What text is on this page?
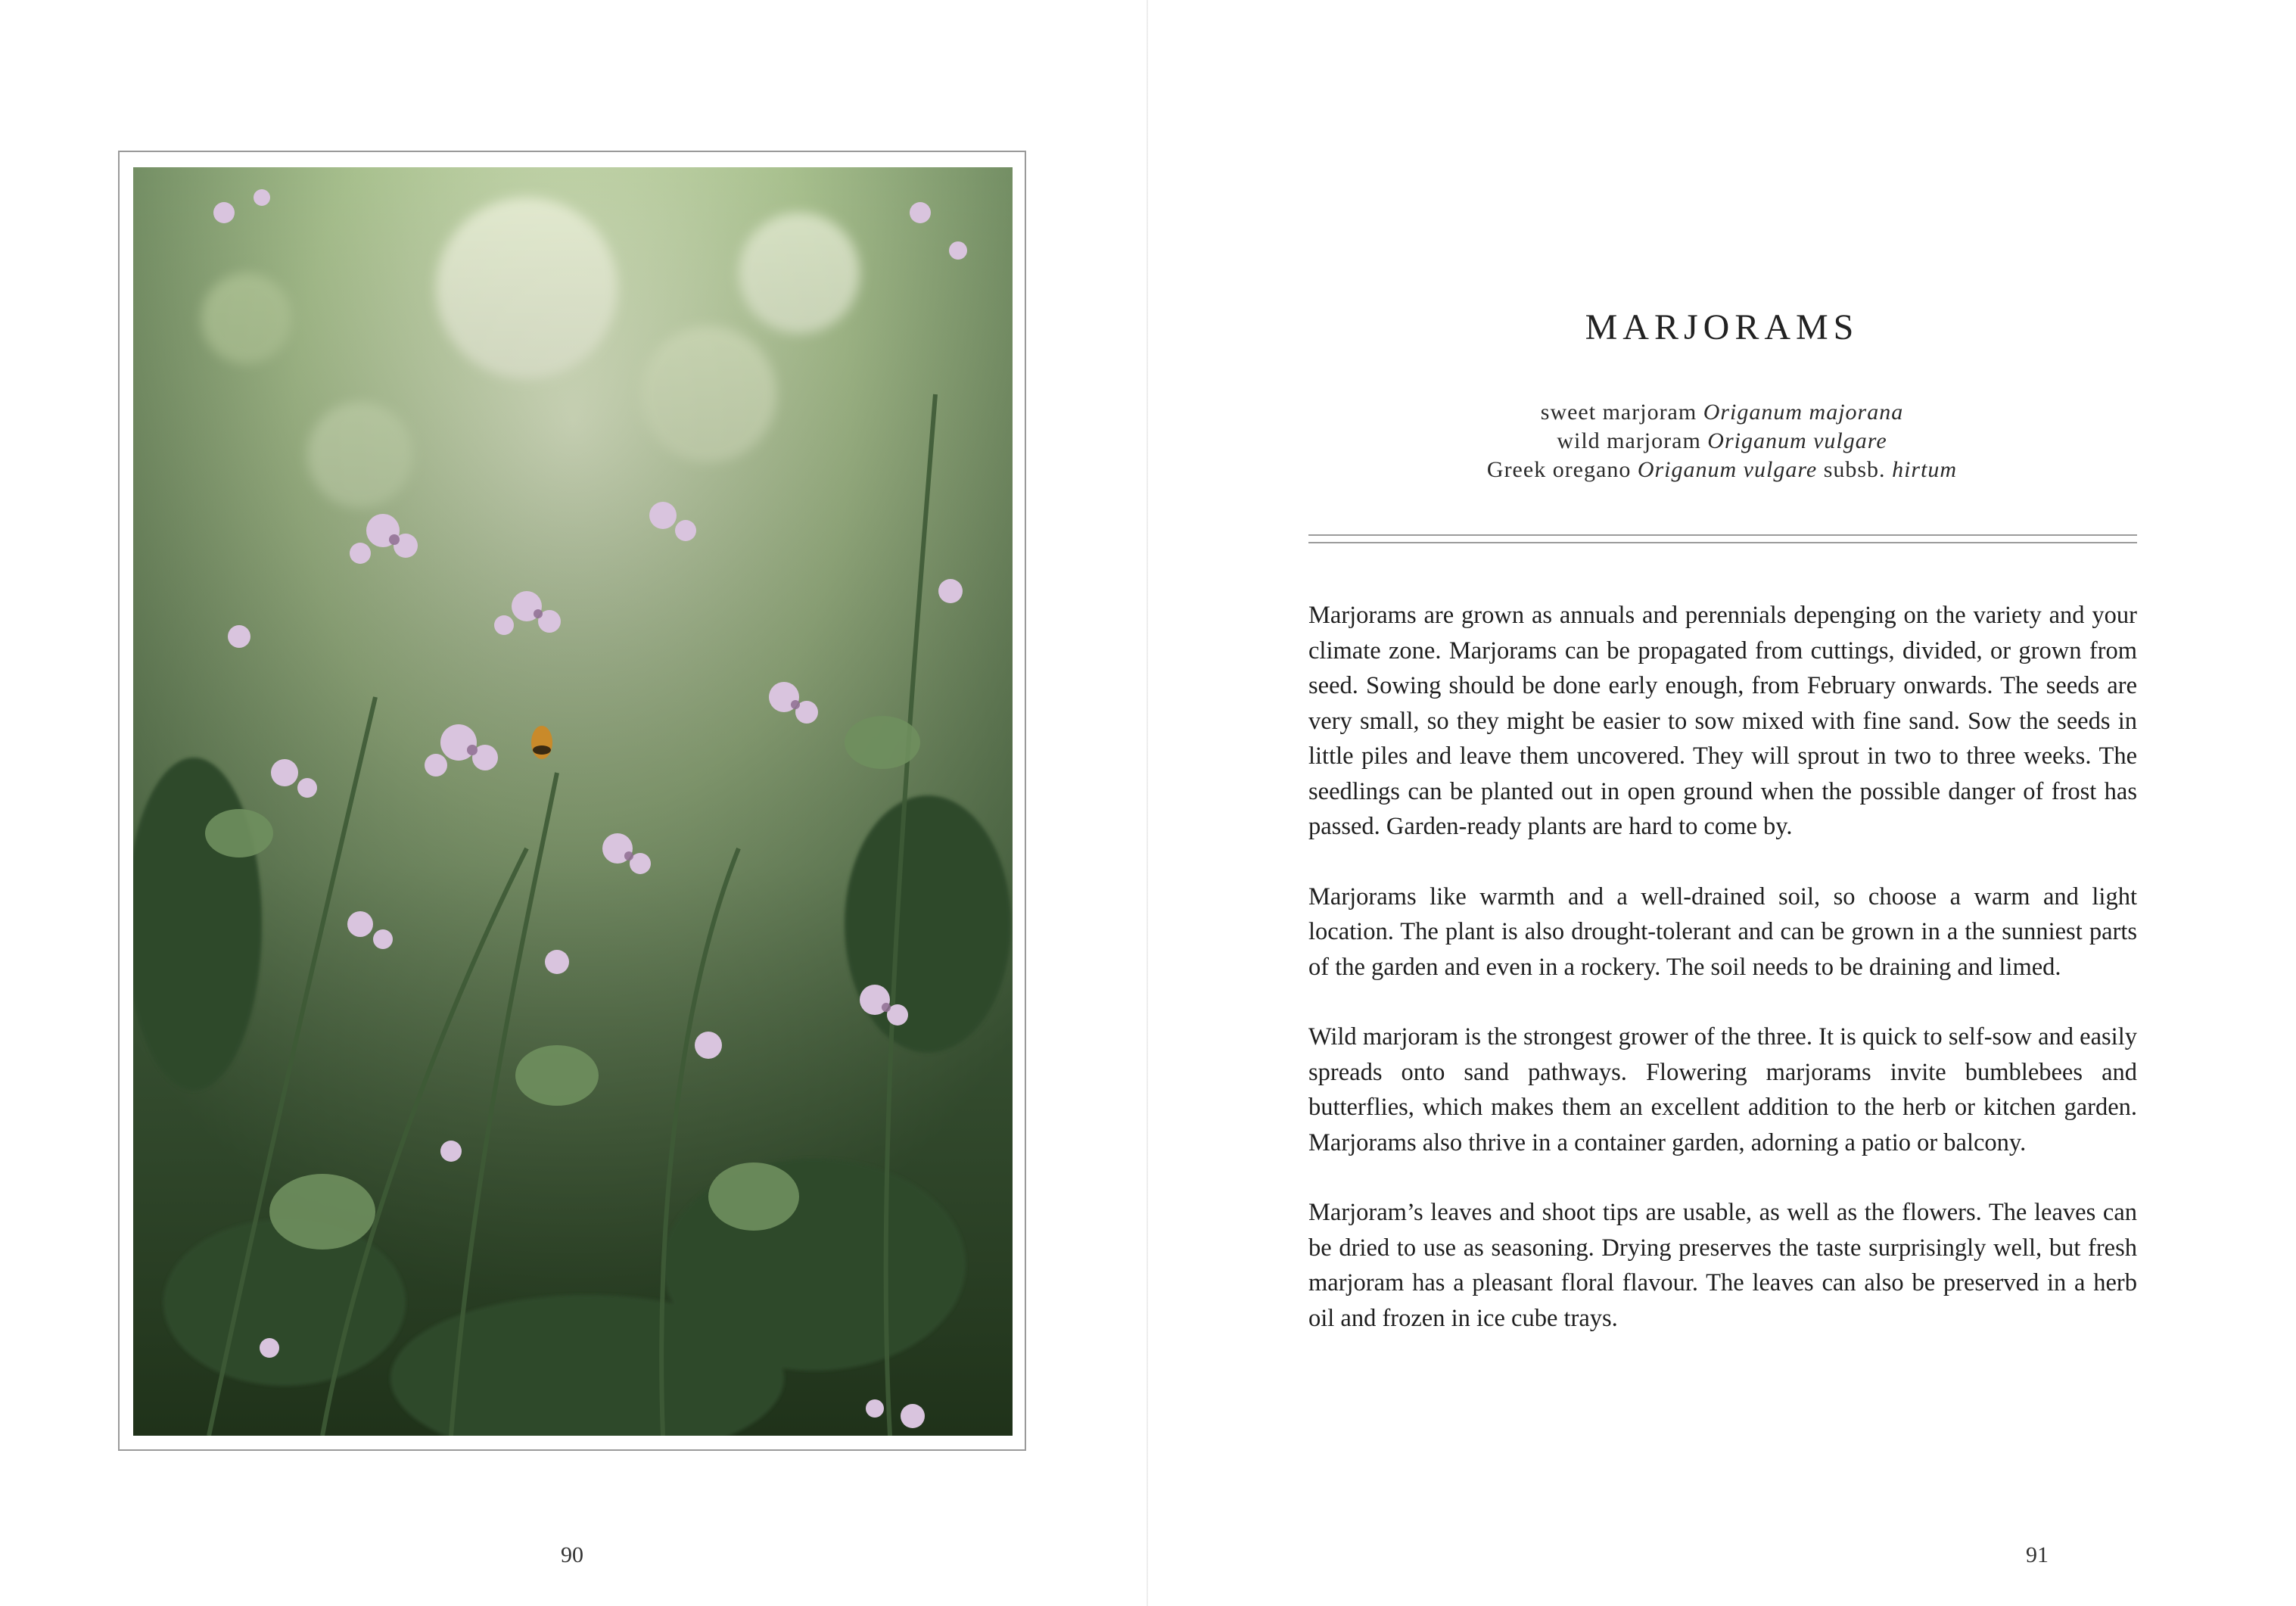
90
MARJORAMS
sweet marjoram Origanum majorana
wild marjoram Origanum vulgare
Greek oregano Origanum vulgare subsb. hirtum

Marjorams are grown as annuals and perennials depenging on the variety and your climate zone. Marjorams can be propagated from cuttings, divided, or grown from seed. Sowing should be done early enough, from February onwards. The seeds are very small, so they might be easier to sow mixed with fine sand. Sow the seeds in little piles and leave them uncovered. They will sprout in two to three weeks. The seedlings can be planted out in open ground when the possible danger of frost has passed. Garden-ready plants are hard to come by.

Marjorams like warmth and a well-drained soil, so choose a warm and light location. The plant is also drought-tolerant and can be grown in a the sunniest parts of the garden and even in a rockery. The soil needs to be draining and limed.

Wild marjoram is the strongest grower of the three. It is quick to self-sow and easily spreads onto sand pathways. Flowering marjorams invite bumblebees and butterflies, which makes them an excellent addition to the herb or kitchen garden. Marjorams also thrive in a container garden, adorning a patio or balcony.

Marjoram’s leaves and shoot tips are usable, as well as the flowers. The leaves can be dried to use as seasoning. Drying preserves the taste surprisingly well, but fresh marjoram has a pleasant floral flavour. The leaves can also be preserved in a herb oil and frozen in ice cube trays.

91
